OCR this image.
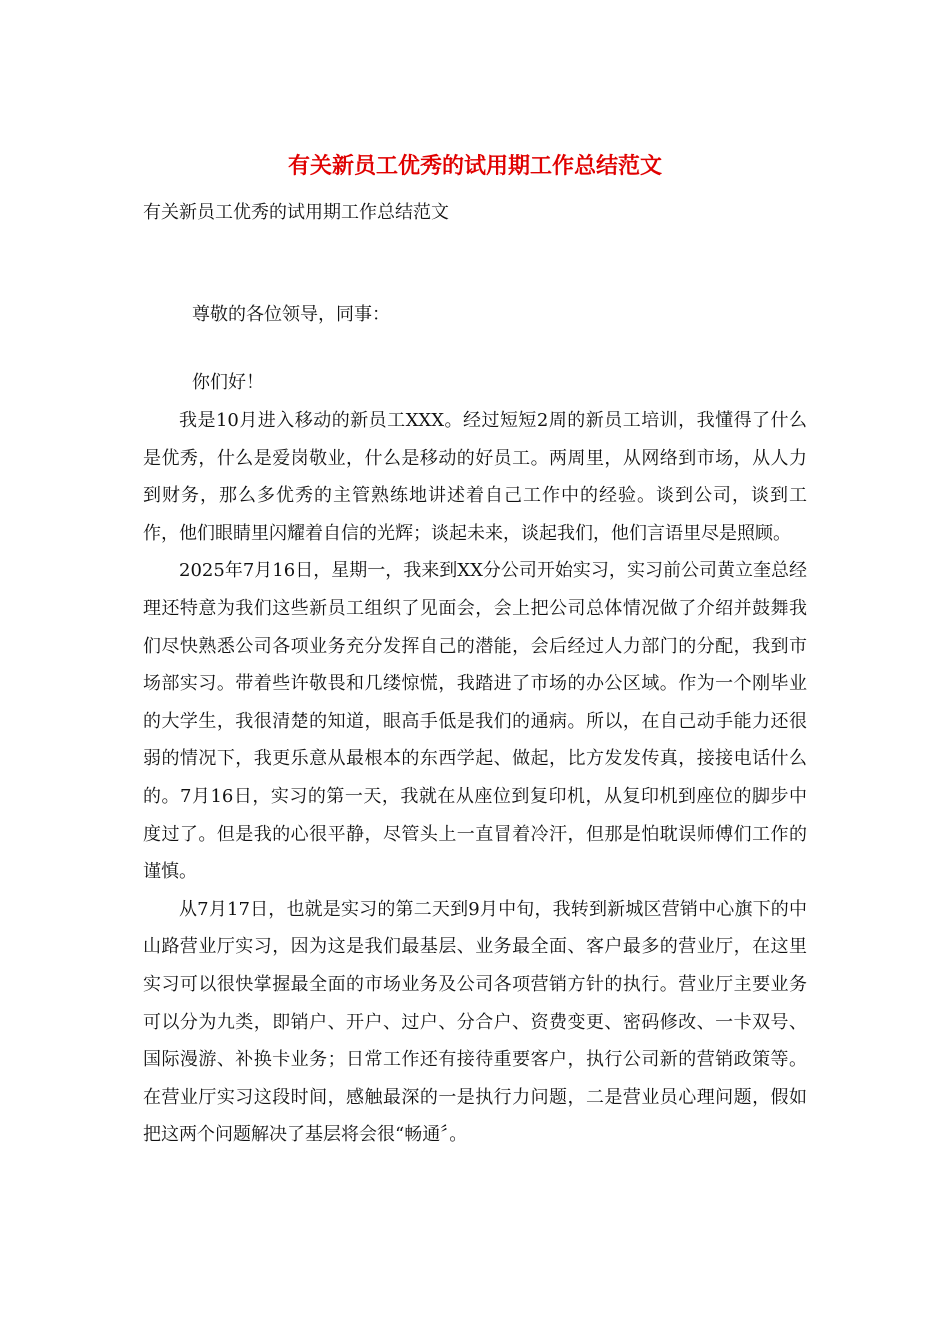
有关新员工优秀的试用期工作总结范文

有关新员工优秀的试用期工作总结范文

尊敬的各位领导，同事：

你们好！

我是10月进入移动的新员工XXX。经过短短2周的新员工培训，我懂得了什么是优秀，什么是爱岗敬业，什么是移动的好员工。两周里，从网络到市场，从人力到财务，那么多优秀的主管熟练地讲述着自己工作中的经验。谈到公司，谈到工作，他们眼睛里闪耀着自信的光辉；谈起未来，谈起我们，他们言语里尽是照顾。

2025年7月16日，星期一，我来到XX分公司开始实习，实习前公司黄立奎总经理还特意为我们这些新员工组织了见面会，会上把公司总体情况做了介绍并鼓舞我们尽快熟悉公司各项业务充分发挥自己的潜能，会后经过人力部门的分配，我到市场部实习。带着些许敬畏和几缕惊慌，我踏进了市场的办公区域。作为一个刚毕业的大学生，我很清楚的知道，眼高手低是我们的通病。所以，在自己动手能力还很弱的情况下，我更乐意从最根本的东西学起、做起，比方发发传真，接接电话什么的。7月16日，实习的第一天，我就在从座位到复印机，从复印机到座位的脚步中度过了。但是我的心很平静，尽管头上一直冒着冷汗，但那是怕耽误师傅们工作的谨慎。

从7月17日，也就是实习的第二天到9月中旬，我转到新城区营销中心旗下的中山路营业厅实习，因为这是我们最基层、业务最全面、客户最多的营业厅，在这里实习可以很快掌握最全面的市场业务及公司各项营销方针的执行。营业厅主要业务可以分为九类，即销户、开户、过户、分合户、资费变更、密码修改、一卡双号、国际漫游、补换卡业务；日常工作还有接待重要客户，执行公司新的营销政策等。在营业厅实习这段时间，感触最深的一是执行力问题，二是营业员心理问题，假如把这两个问题解决了基层将会很“畅通〞。
